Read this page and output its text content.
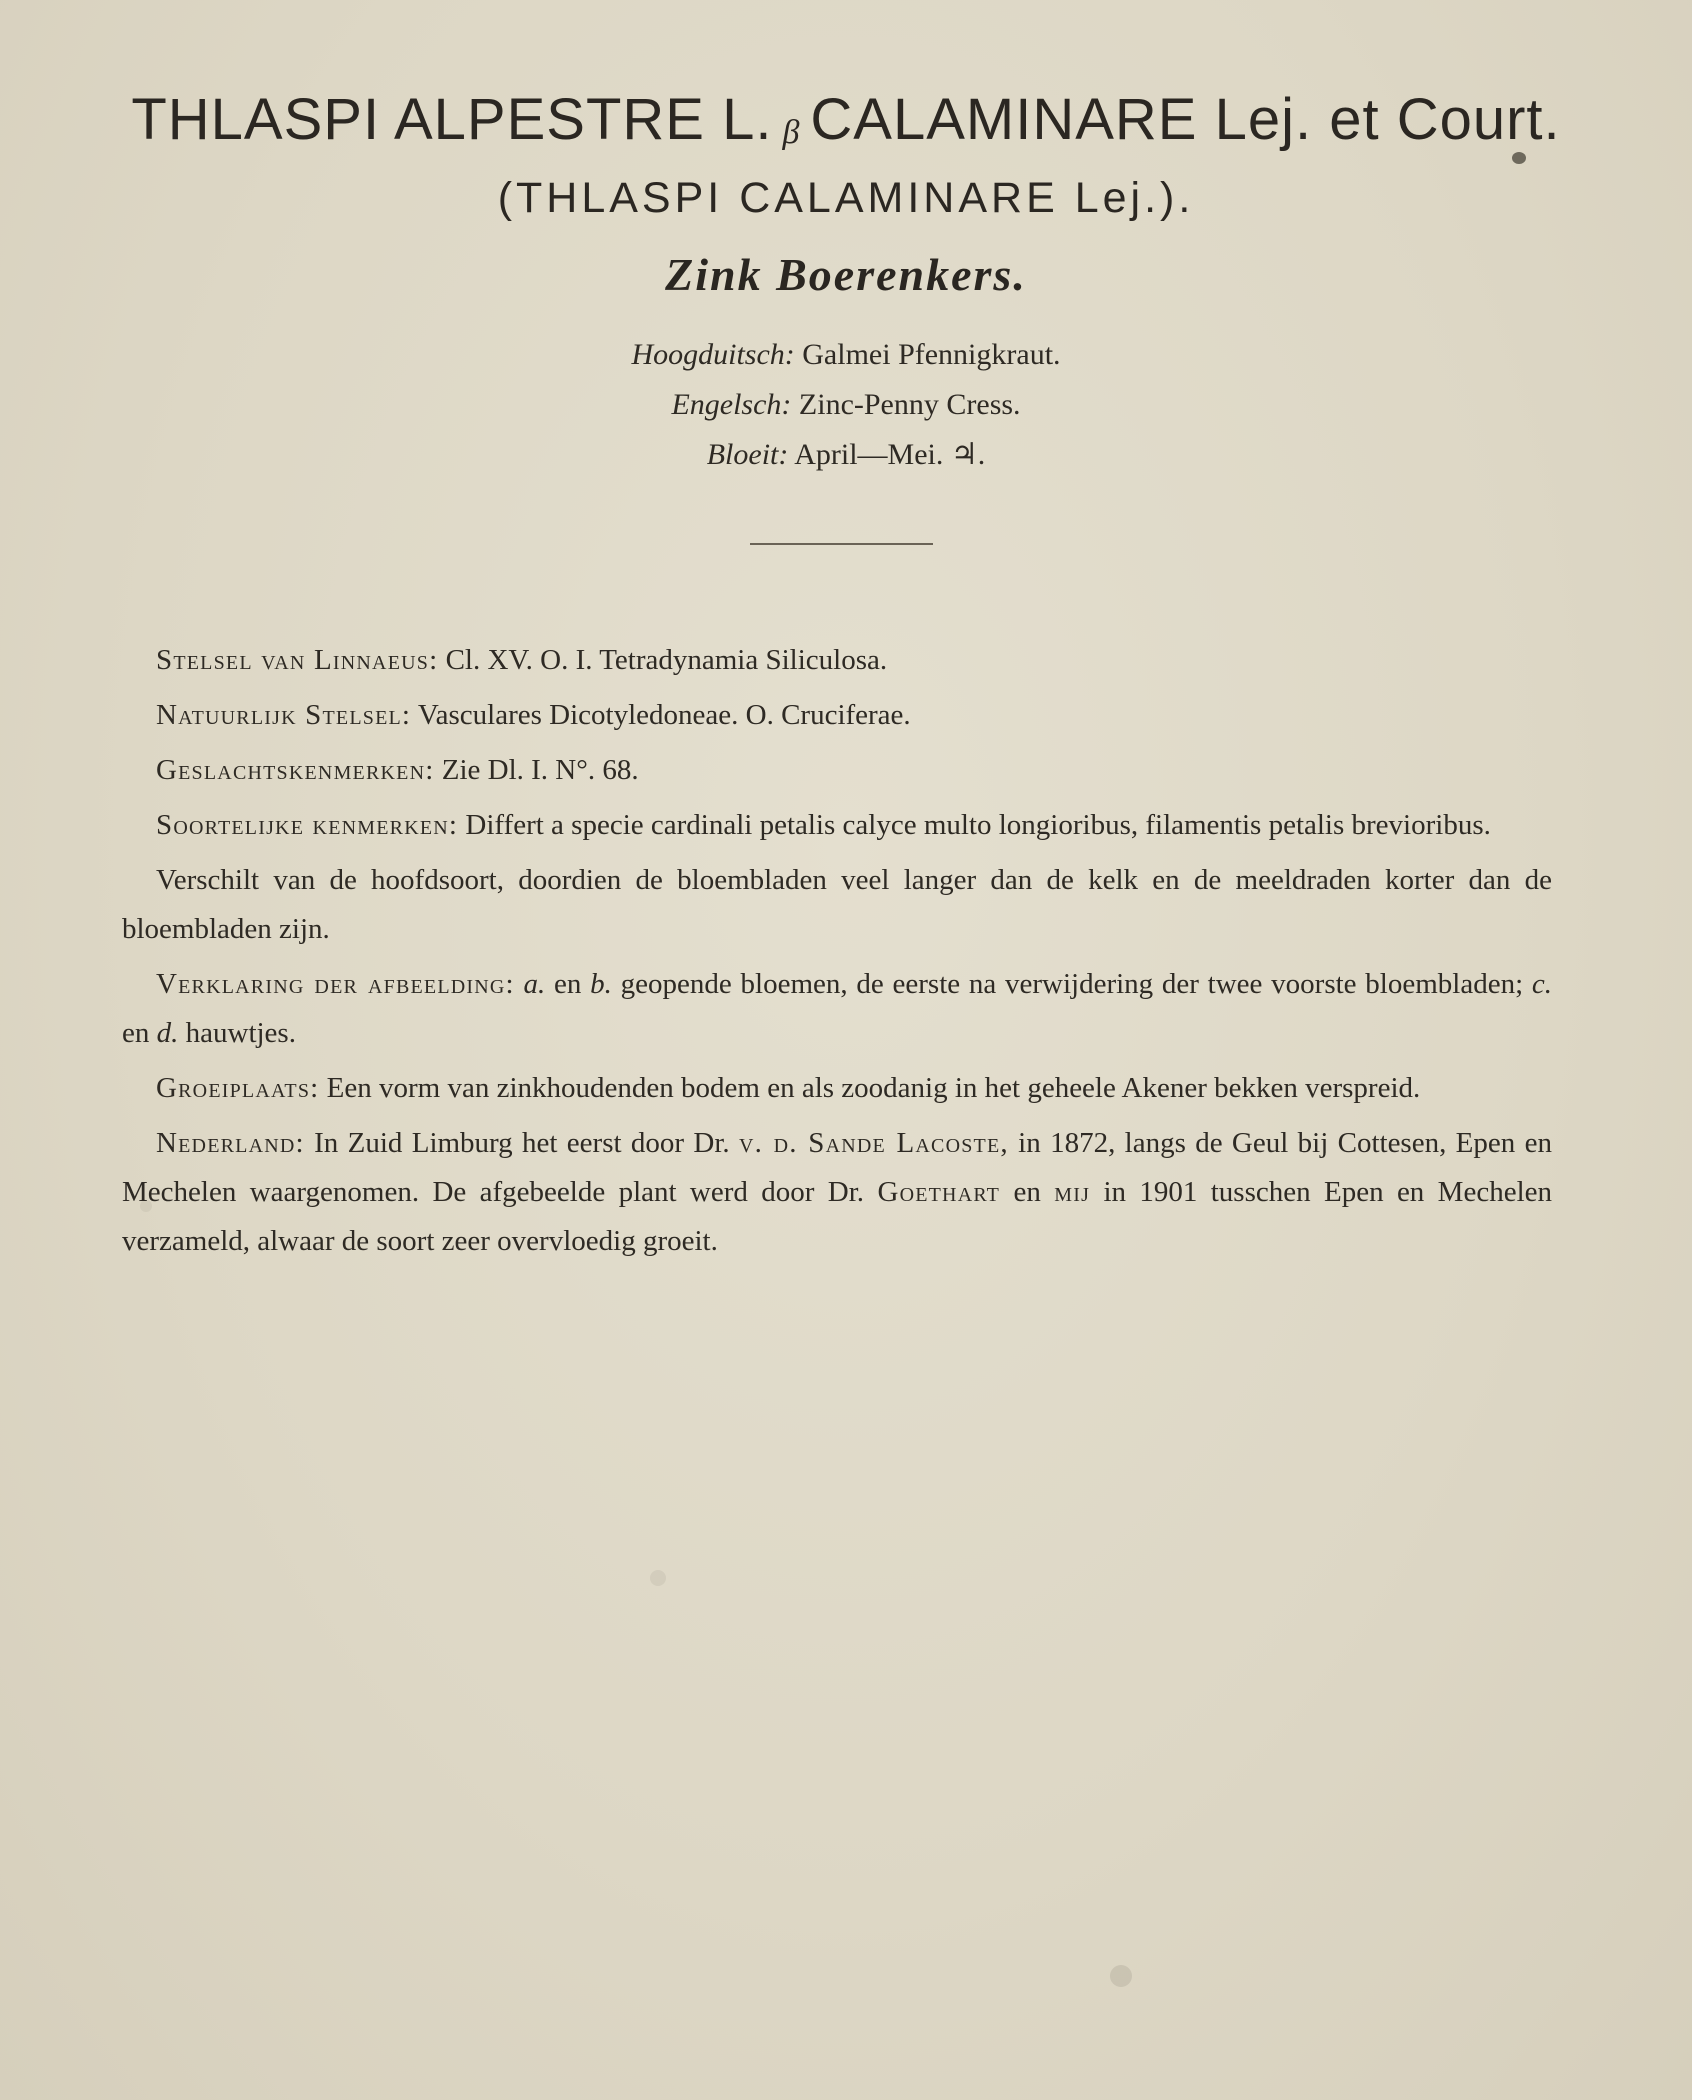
THLASPI ALPESTRE L. β CALAMINARE Lej. et Court.
(THLASPI CALAMINARE Lej.).
Zink Boerenkers.
Hoogduitsch: Galmei Pfennigkraut.
Engelsch: Zinc-Penny Cress.
Bloeit: April—Mei. ♃.

Stelsel van Linnaeus: Cl. XV. O. I. Tetradynamia Siliculosa.

Natuurlijk Stelsel: Vasculares Dicotyledoneae. O. Cruciferae.

Geslachtskenmerken: Zie Dl. I. N°. 68.

Soortelijke kenmerken: Differt a specie cardinali petalis calyce multo longioribus, filamentis petalis brevioribus.

Verschilt van de hoofdsoort, doordien de bloembladen veel langer dan de kelk en de meeldraden korter dan de bloembladen zijn.

Verklaring der afbeelding: a. en b. geopende bloemen, de eerste na verwijdering der twee voorste bloembladen; c. en d. hauwtjes.

Groeiplaats: Een vorm van zinkhoudenden bodem en als zoodanig in het geheele Akener bekken verspreid.

Nederland: In Zuid Limburg het eerst door Dr. v. d. Sande Lacoste, in 1872, langs de Geul bij Cottesen, Epen en Mechelen waargenomen. De afgebeelde plant werd door Dr. Goethart en mij in 1901 tusschen Epen en Mechelen verzameld, alwaar de soort zeer overvloedig groeit.
